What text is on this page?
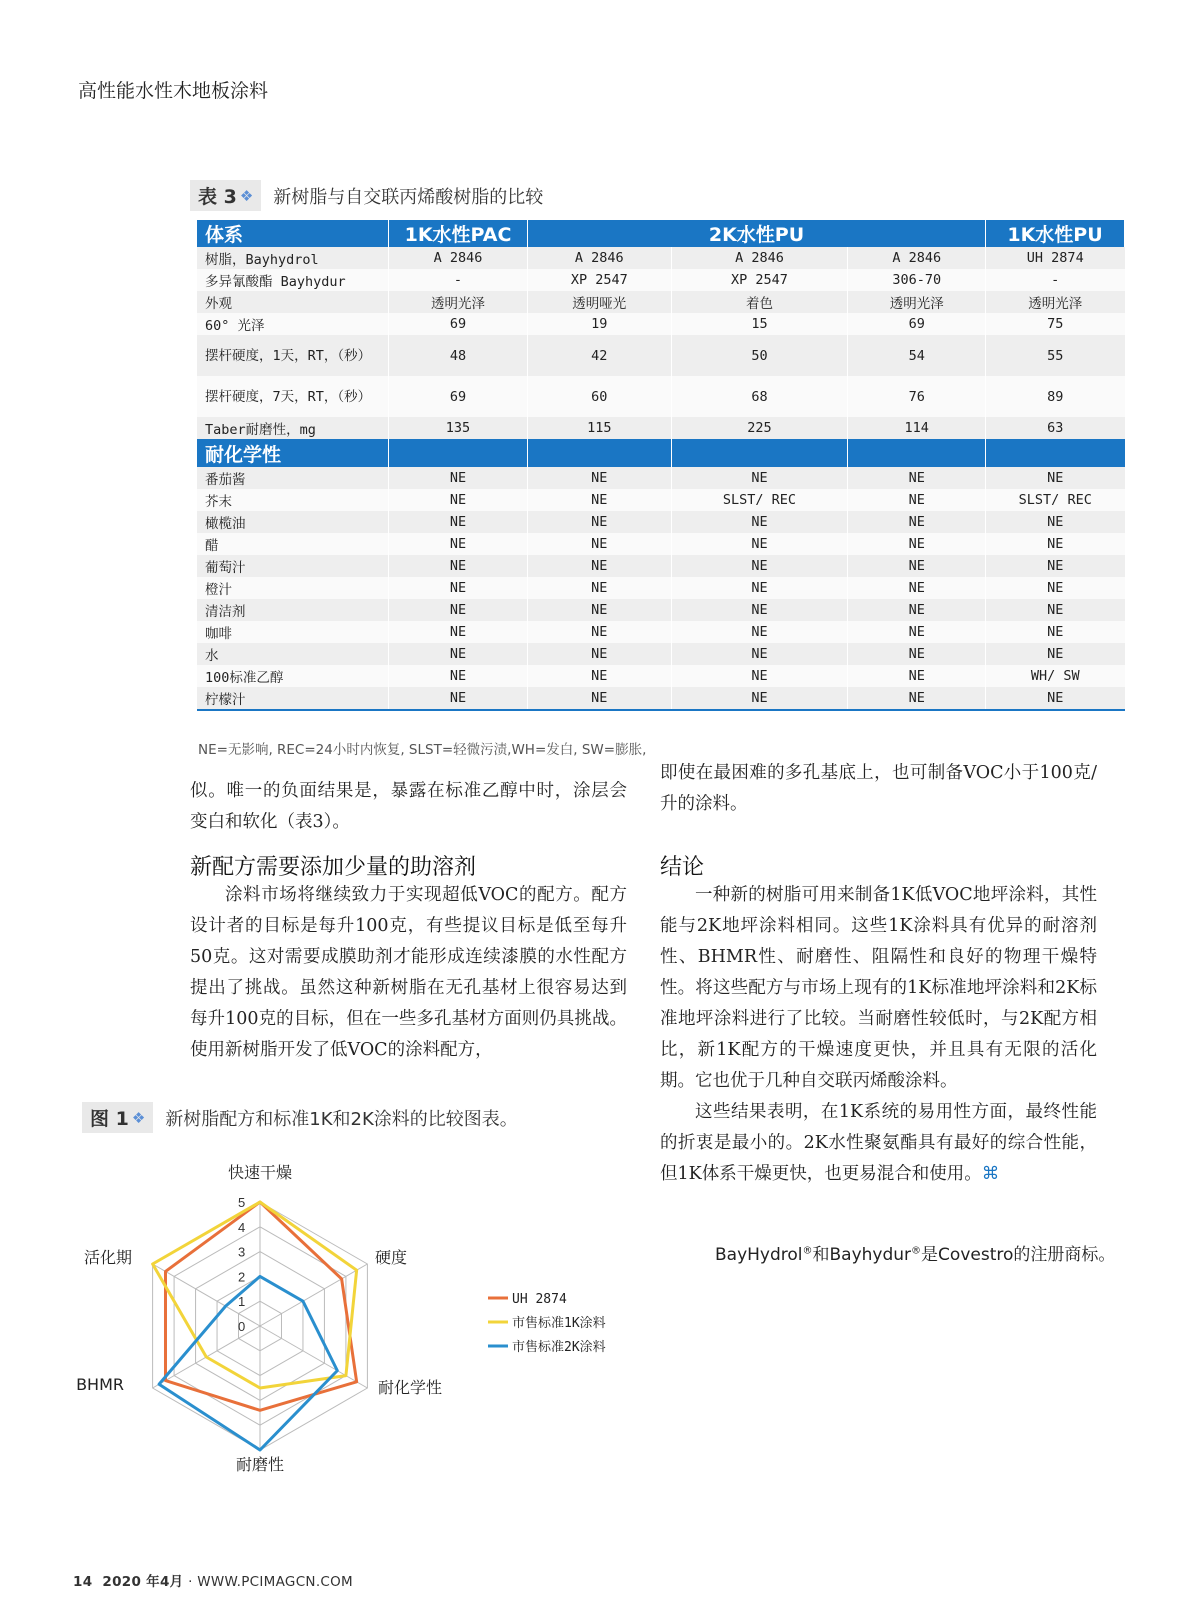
高性能水性木地板涂料
表 3 ❖ 新树脂与自交联丙烯酸树脂的比较
体系	1K水性PAC	2K水性PU			1K水性PU
树脂，Bayhydrol	A 2846	A 2846	A 2846	A 2846	UH 2874
多异氰酸酯 Bayhydur	-	XP 2547	XP 2547	306-70	-
外观	透明光泽	透明哑光	着色	透明光泽	透明光泽
60° 光泽	69	19	15	69	75
摆杆硬度，1天，RT，（秒）	48	42	50	54	55
摆杆硬度，7天，RT，（秒）	69	60	68	76	89
Taber耐磨性，mg	135	115	225	114	63
耐化学性					
番茄酱	NE	NE	NE	NE	NE
芥末	NE	NE	SLST/ REC	NE	SLST/ REC
橄榄油	NE	NE	NE	NE	NE
醋	NE	NE	NE	NE	NE
葡萄汁	NE	NE	NE	NE	NE
橙汁	NE	NE	NE	NE	NE
清洁剂	NE	NE	NE	NE	NE
咖啡	NE	NE	NE	NE	NE
水	NE	NE	NE	NE	NE
100标准乙醇	NE	NE	NE	NE	WH/ SW
柠檬汁	NE	NE	NE	NE	NE
NE=无影响, REC=24小时内恢复, SLST=轻微污渍,WH=发白, SW=膨胀,

似。唯一的负面结果是，暴露在标准乙醇中时，涂层会变白和软化（表3）。

新配方需要添加少量的助溶剂

涂料市场将继续致力于实现超低VOC的配方。配方设计者的目标是每升100克，有些提议目标是低至每升50克。这对需要成膜助剂才能形成连续漆膜的水性配方提出了挑战。虽然这种新树脂在无孔基材上很容易达到每升100克的目标，但在一些多孔基材方面则仍具挑战。使用新树脂开发了低VOC的涂料配方，

即使在最困难的多孔基底上，也可制备VOC小于100克/升的涂料。

结论

一种新的树脂可用来制备1K低VOC地坪涂料，其性能与2K地坪涂料相同。这些1K涂料具有优异的耐溶剂性、BHMR性、耐磨性、阻隔性和良好的物理干燥特性。将这些配方与市场上现有的1K标准地坪涂料和2K标准地坪涂料进行了比较。当耐磨性较低时，与2K配方相比，新1K配方的干燥速度更快，并且具有无限的活化期。它也优于几种自交联丙烯酸涂料。

这些结果表明，在1K系统的易用性方面，最终性能的折衷是最小的。2K水性聚氨酯具有最好的综合性能，但1K体系干燥更快，也更易混合和使用。⌘

BayHydrol®和Bayhydur®是Covestro的注册商标。
图 1 ❖ 新树脂配方和标准1K和2K涂料的比较图表。
0
1
2
3
4
5
快速干燥
硬度
耐化学性
耐磨性
BHMR
活化期
UH 2874
市售标准1K涂料
市售标准2K涂料
14 2020 年4月 · WWW.PCIMAGCN.COM
